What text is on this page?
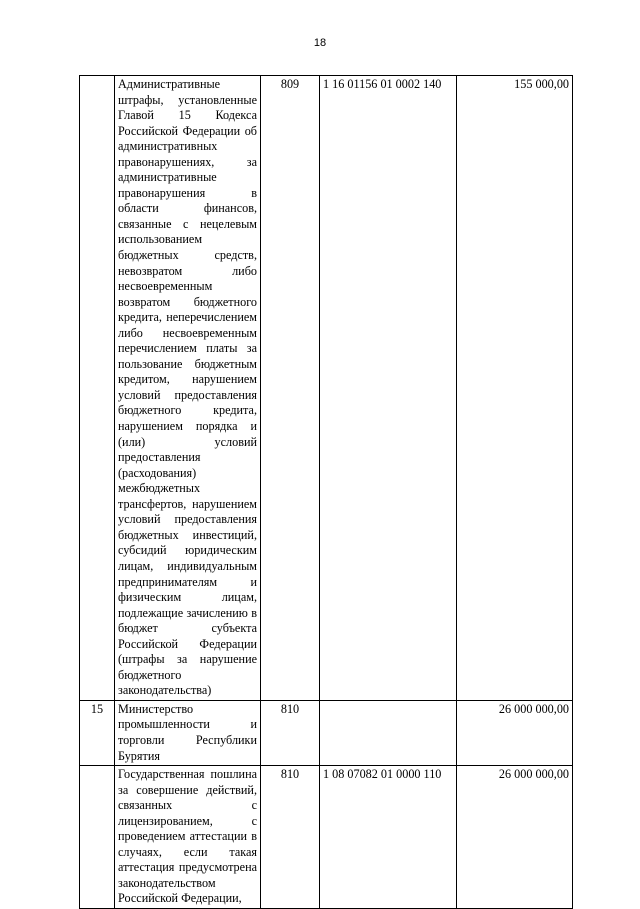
18
	Административные штрафы, установленные Главой 15 Кодекса Российской Федерации об административных правонарушениях, за административные правонарушения в области финансов, связанные с нецелевым использованием бюджетных средств, невозвратом либо несвоевременным возвратом бюджетного кредита, неперечислением либо несвоевременным перечислением платы за пользование бюджетным кредитом, нарушением условий предоставления бюджетного кредита, нарушением порядка и (или) условий предоставления (расходования) межбюджетных трансфертов, нарушением условий предоставления бюджетных инвестиций, субсидий юридическим лицам, индивидуальным предпринимателям и физическим лицам, подлежащие зачислению в бюджет субъекта Российской Федерации (штрафы за нарушение бюджетного законодательства)	809	1 16 01156 01 0002 140	155 000,00
15	Министерство промышленности и торговли Республики Бурятия	810		26 000 000,00
	Государственная пошлина за совершение действий, связанных с лицензированием, с проведением аттестации в случаях, если такая аттестация предусмотрена законодательством Российской Федерации,	810	1 08 07082 01 0000 110	26 000 000,00
